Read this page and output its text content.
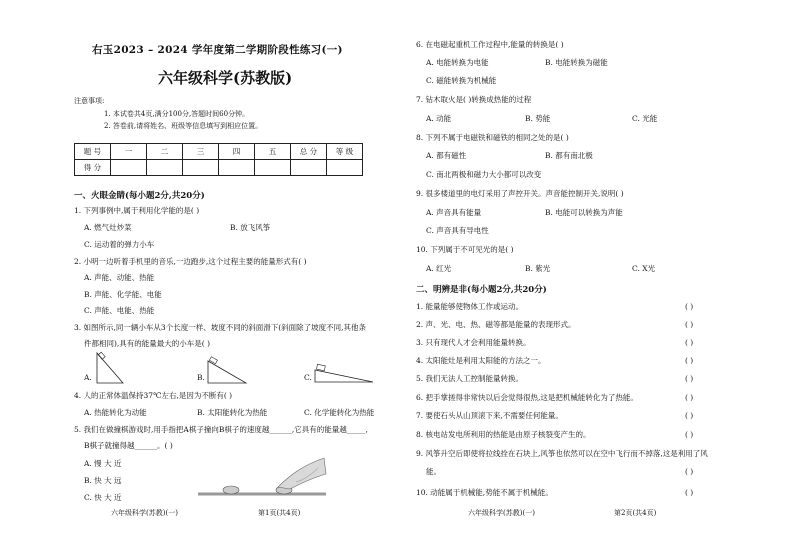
右玉2023 – 2024 学年度第二学期阶段性练习(一)
六年级科学(苏教版)
注意事项:
1. 本试卷共4页,满分100分,答题时间60分钟。
2. 答卷前,请将姓名、班级等信息填写到相应位置。
题 号	一	二	三	四	五	总 分	等 级
得 分							
一、火眼金睛(每小题2分,共20分)
1. 下列事例中,属于利用化学能的是( )
A. 燃气灶炒菜	B. 放飞风筝
C. 运动着的弹力小车
2. 小明一边听着手机里的音乐,一边跑步,这个过程主要的能量形式有( )
A. 声能、动能、热能
B. 声能、化学能、电能
C. 声能、电能、热能
3. 如图所示,同一辆小车从3个长度一样、坡度不同的斜面滑下(斜面除了坡度不同,其他条
件都相同),具有的能量最大的小车是( )
A.	B.	C.
4. 人的正常体温保持37℃左右,是因为不断有( )
A. 热能转化为动能	B. 太阳能转化为热能	C. 化学能转化为热能
5. 我们在做撞棋游戏时,用手指把A棋子撞向B棋子的速度越______,它具有的能量越_____,
B棋子就撞得越______。( )
A. 慢 大 近
B. 快 大 远
C. 快 大 近
六年级科学(苏教)(一)	第1页(共4页)
6. 在电磁起重机工作过程中,能量的转换是( )
A. 电能转换为电能	B. 电能转换为磁能
C. 磁能转换为机械能
7. 钻木取火是( )转换成热能的过程
A. 动能	B. 势能	C. 光能
8. 下列不属于电磁铁和磁铁的相同之处的是( )
A. 都有磁性	B. 都有南北极
C. 南北两极和磁力大小都可以改变
9. 很多楼道里的电灯采用了声控开关。声音能控制开关,说明( )
A. 声音具有能量	B. 电能可以转换为声能
C. 声音具有导电性
10. 下列属于不可见光的是( )
A. 红光	B. 紫光	C. X光
二、明辨是非(每小题2分,共20分)
1. 能量能够使物体工作或运动。	( )
2. 声、光、电、热、磁等都是能量的表现形式。	( )
3. 只有现代人才会利用能量转换。	( )
4. 太阳能灶是利用太阳能的方法之一。	( )
5. 我们无法人工控制能量转换。	( )
6. 把手掌搓得非常快以后会觉得很热,这是把机械能转化为了热能。	( )
7. 要使石头从山顶滚下来,不需要任何能量。	( )
8. 核电站发电所利用的热能是由原子核裂变产生的。	( )
9. 风筝升空后即使将拉线拴在石块上,风筝也依然可以在空中飞行而不掉落,这是利用了风
能。	( )
10. 动能属于机械能,势能不属于机械能。	( )
六年级科学(苏教)(一)	第2页(共4页)
